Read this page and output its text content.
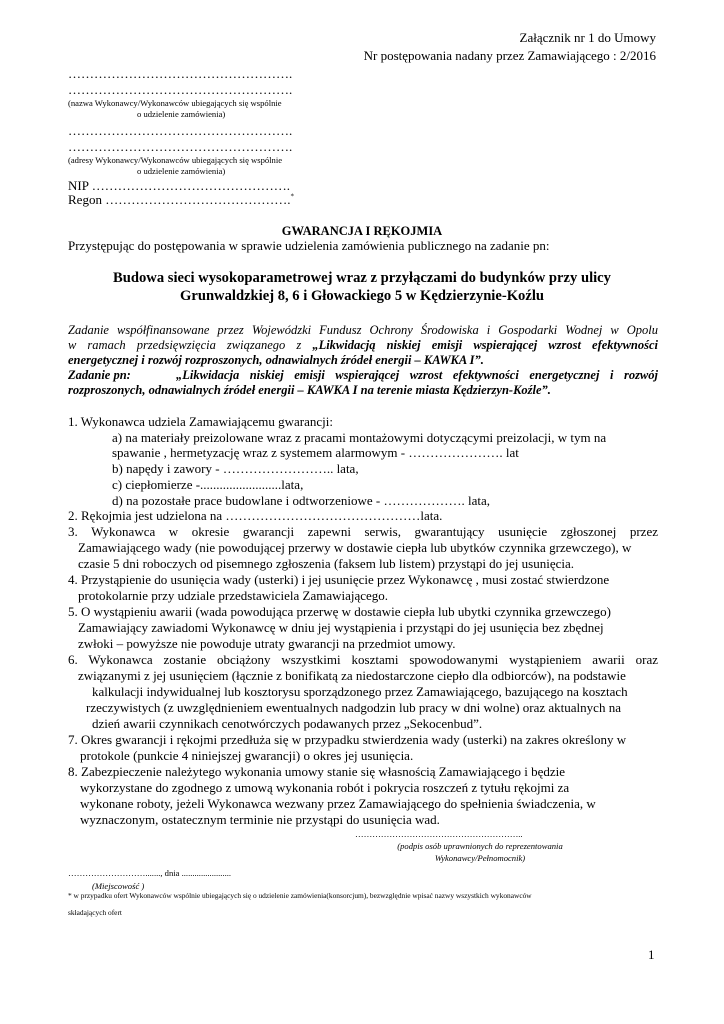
Załącznik nr 1 do Umowy
Nr postępowania nadany przez Zamawiającego : 2/2016
…………………………………………….
…………………………………………….
(nazwa Wykonawcy/Wykonawców ubiegających się wspólnie
o udzielenie zamówienia)
…………………………………………….
…………………………………………….
(adresy Wykonawcy/Wykonawców ubiegających się wspólnie
o udzielenie zamówienia)
NIP ……………………………………….
Regon …………………………………….*
GWARANCJA I RĘKOJMIA
Przystępując do postępowania w sprawie udzielenia zamówienia publicznego na zadanie pn:
Budowa sieci wysokoparametrowej wraz z przyłączami do budynków przy ulicy
Grunwaldzkiej 8, 6 i Głowackiego 5 w Kędzierzynie-Koźlu
Zadanie współfinansowane przez Wojewódzki Fundusz Ochrony Środowiska i Gospodarki Wodnej w Opolu
w ramach przedsięwzięcia związanego z „Likwidacją niskiej emisji wspierającej wzrost efektywności
energetycznej i rozwój rozproszonych, odnawialnych źródeł energii – KAWKA I”.
Zadanie pn:	„Likwidacja niskiej emisji wspierającej wzrost efektywności energetycznej i rozwój
rozproszonych, odnawialnych źródeł energii – KAWKA I na terenie miasta Kędzierzyn-Koźle”.
1. Wykonawca udziela Zamawiającemu gwarancji:
a) na materiały preizolowane wraz z pracami montażowymi dotyczącymi preizolacji, w tym na
spawanie , hermetyzację wraz z systemem alarmowym - …………………. lat
b) napędy i zawory - …………………….. lata,
c) ciepłomierze -.........................lata,
d) na pozostałe prace budowlane i odtworzeniowe - ………………. lata,
2. Rękojmia jest udzielona na ………………………………………lata.
3. Wykonawca w okresie gwarancji zapewni serwis, gwarantujący usunięcie zgłoszonej przez
Zamawiającego wady (nie powodującej przerwy w dostawie ciepła lub ubytków czynnika grzewczego), w
czasie 5 dni roboczych od pisemnego zgłoszenia (faksem lub listem) przystąpi do jej usunięcia.
4. Przystąpienie do usunięcia wady (usterki) i jej usunięcie przez Wykonawcę , musi zostać stwierdzone
protokolarnie przy udziale przedstawiciela Zamawiającego.
5. O wystąpieniu awarii (wada powodująca przerwę w dostawie ciepła lub ubytki czynnika grzewczego)
Zamawiający zawiadomi Wykonawcę w dniu jej wystąpienia i przystąpi do jej usunięcia bez zbędnej
zwłoki – powyższe nie powoduje utraty gwarancji na przedmiot umowy.
6. Wykonawca zostanie obciążony wszystkimi kosztami spowodowanymi wystąpieniem awarii oraz
związanymi z jej usunięciem (łącznie z bonifikatą za niedostarczone ciepło dla odbiorców), na podstawie
kalkulacji indywidualnej lub kosztorysu sporządzonego przez Zamawiającego, bazującego na kosztach
rzeczywistych (z uwzględnieniem ewentualnych nadgodzin lub pracy w dni wolne) oraz aktualnych na
dzień awarii czynnikach cenotwórczych podawanych przez „Sekocenbud”.
7. Okres gwarancji i rękojmi przedłuża się w przypadku stwierdzenia wady (usterki) na zakres określony w
protokole (punkcie 4 niniejszej gwarancji) o okres jej usunięcia.
8. Zabezpieczenie należytego wykonania umowy stanie się własnością Zamawiającego i będzie
wykorzystane do zgodnego z umową wykonania robót i pokrycia roszczeń z tytułu rękojmi za
wykonane roboty, jeżeli Wykonawca wezwany przez Zamawiającego do spełnienia świadczenia, w
wyznaczonym, ostatecznym terminie nie przystąpi do usunięcia wad.
…………………………………………………..
(podpis osób uprawnionych do reprezentowania
Wykonawcy/Pełnomocnik)
………………………......., dnia .......................
(Miejscowość )
* w przypadku ofert Wykonawców wspólnie ubiegających się o udzielenie zamówienia(konsorcjum), bezwzględnie wpisać nazwy wszystkich wykonawców
składających ofert
1
